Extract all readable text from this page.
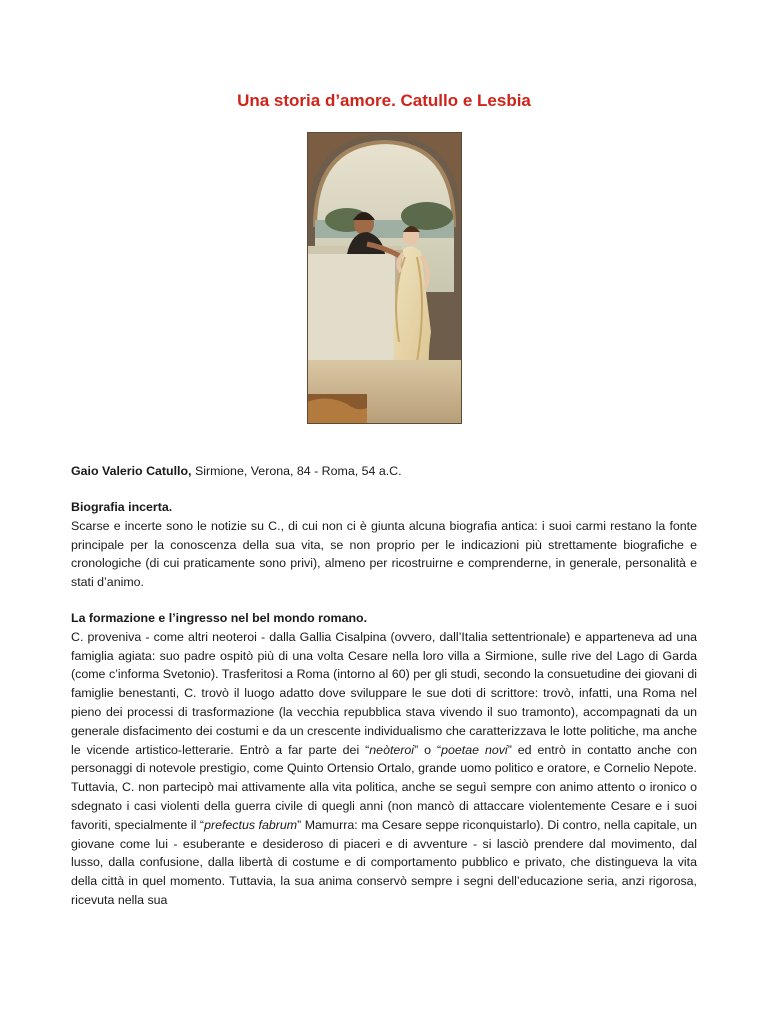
Una storia d’amore. Catullo e Lesbia

Gaio Valerio Catullo, Sirmione, Verona, 84 - Roma, 54 a.C.

Biografia incerta.

Scarse e incerte sono le notizie su C., di cui non ci è giunta alcuna biografia antica: i suoi carmi restano la fonte principale per la conoscenza della sua vita, se non proprio per le indicazioni più strettamente biografiche e cronologiche (di cui praticamente sono privi), almeno per ricostruirne e comprenderne, in generale, personalità e stati d’animo.

La formazione e l’ingresso nel bel mondo romano.

C. proveniva - come altri neoteroi - dalla Gallia Cisalpina (ovvero, dall’Italia settentrionale) e apparteneva ad una famiglia agiata: suo padre ospitò più di una volta Cesare nella loro villa a Sirmione, sulle rive del Lago di Garda (come c’informa Svetonio). Trasferitosi a Roma (intorno al 60) per gli studi, secondo la consuetudine dei giovani di famiglie benestanti, C. trovò il luogo adatto dove sviluppare le sue doti di scrittore: trovò, infatti, una Roma nel pieno dei processi di trasformazione (la vecchia repubblica stava vivendo il suo tramonto), accompagnati da un generale disfacimento dei costumi e da un crescente individualismo che caratterizzava le lotte politiche, ma anche le vicende artistico-letterarie. Entrò a far parte dei “neòteroi” o “poetae novi” ed entrò in contatto anche con personaggi di notevole prestigio, come Quinto Ortensio Ortalo, grande uomo politico e oratore, e Cornelio Nepote. Tuttavia, C. non partecipò mai attivamente alla vita politica, anche se seguì sempre con animo attento o ironico o sdegnato i casi violenti della guerra civile di quegli anni (non mancò di attaccare violentemente Cesare e i suoi favoriti, specialmente il “prefectus fabrum” Mamurra: ma Cesare seppe riconquistarlo). Di contro, nella capitale, un giovane come lui - esuberante e desideroso di piaceri e di avventure - si lasciò prendere dal movimento, dal lusso, dalla confusione, dalla libertà di costume e di comportamento pubblico e privato, che distingueva la vita della città in quel momento. Tuttavia, la sua anima conservò sempre i segni dell’educazione seria, anzi rigorosa, ricevuta nella sua
